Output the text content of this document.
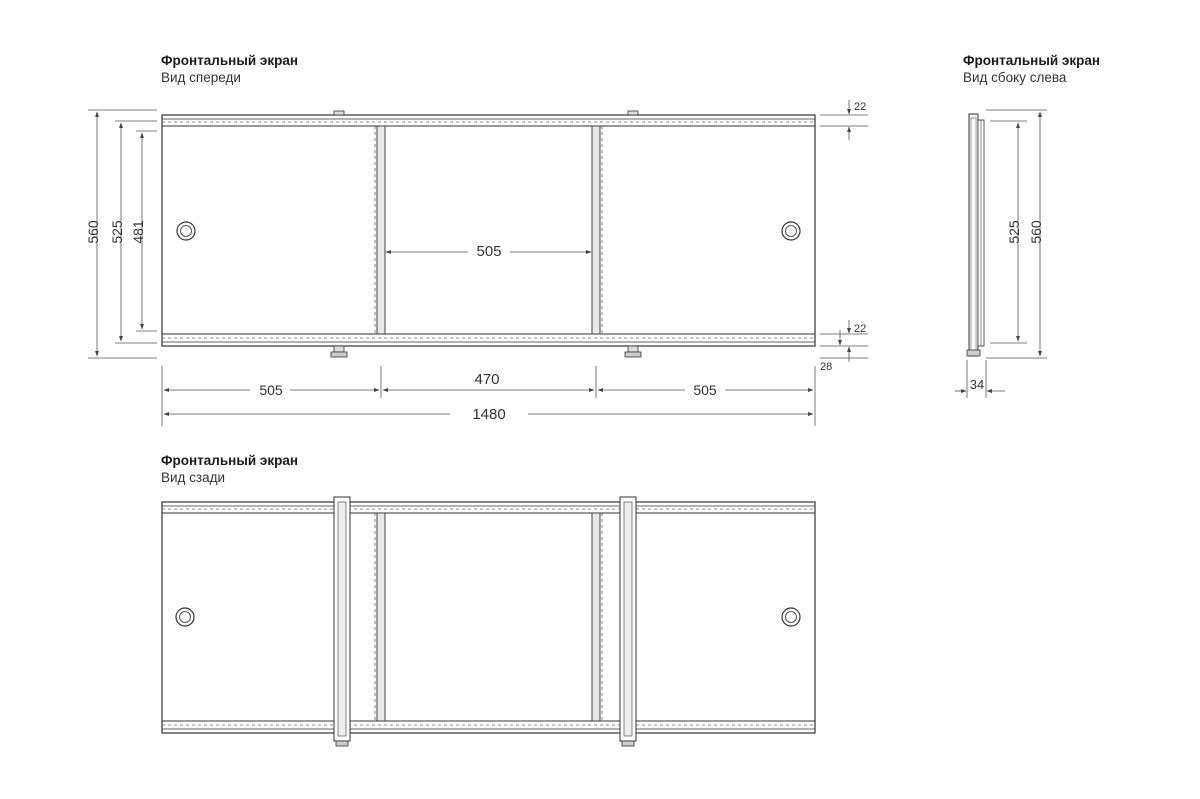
Фронтальный экран
Вид спереди
Фронтальный экран
Вид сбоку слева
Фронтальный экран
Вид сзади
560 525 481
22
22
28
505
505
470
505
1480
525 560
34
